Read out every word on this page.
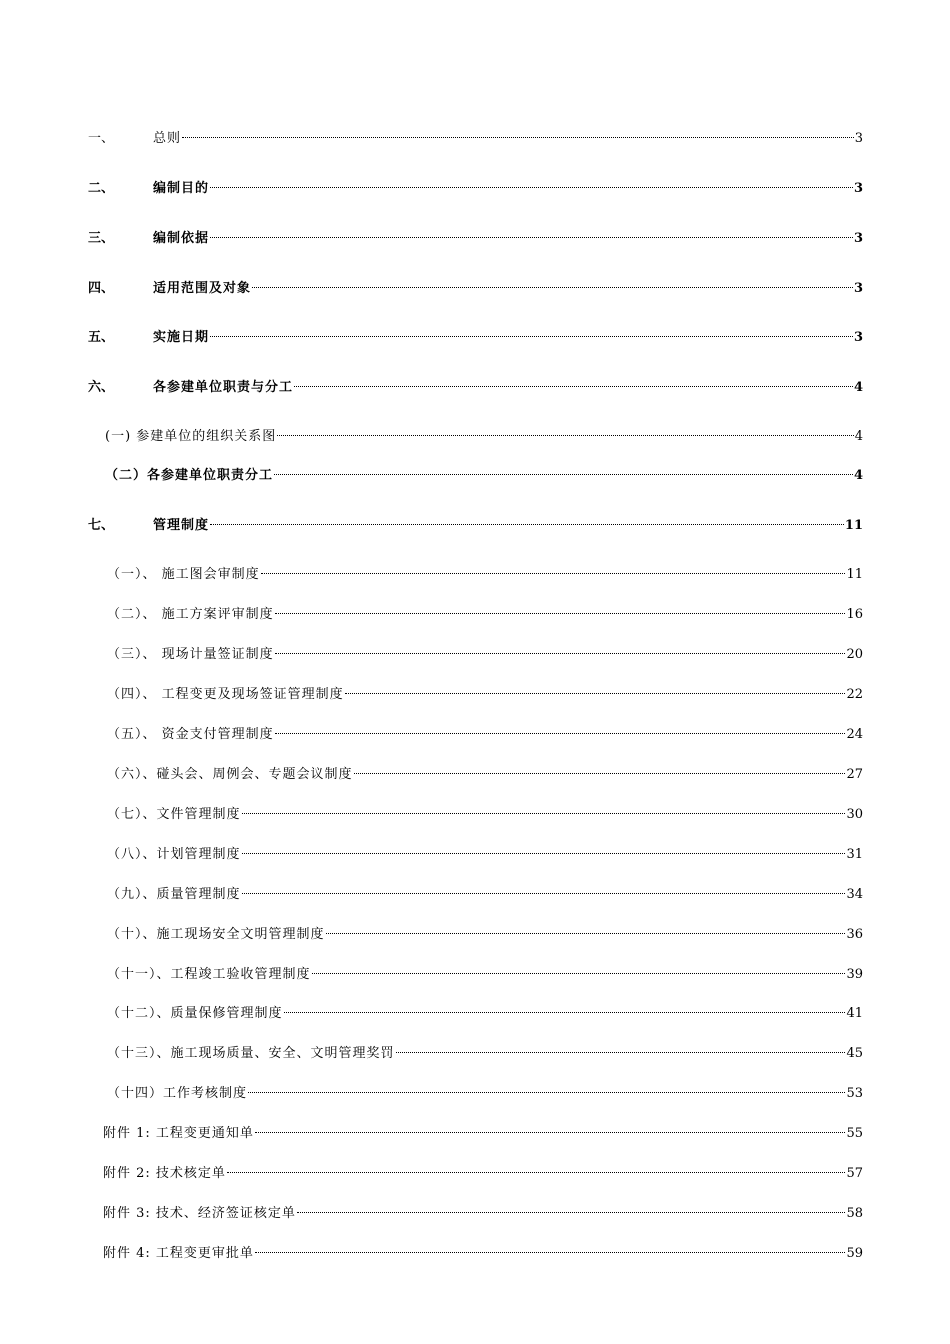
一、	总则	3
二、	编制目的	3
三、	编制依据	3
四、	适用范围及对象	3
五、	实施日期	3
六、	各参建单位职责与分工	4
(一) 参建单位的组织关系图	4
（二）各参建单位职责分工	4
七、	管理制度	11
（一）、 施工图会审制度	11
（二）、 施工方案评审制度	16
（三）、 现场计量签证制度	20
（四）、 工程变更及现场签证管理制度	22
（五）、 资金支付管理制度	24
（六）、碰头会、周例会、专题会议制度	27
（七）、文件管理制度	30
（八）、计划管理制度	31
（九）、质量管理制度	34
（十）、施工现场安全文明管理制度	36
（十一）、工程竣工验收管理制度	39
（十二）、质量保修管理制度	41
（十三）、施工现场质量、安全、文明管理奖罚	45
（十四）工作考核制度	53
附件 1: 工程变更通知单	55
附件 2: 技术核定单	57
附件 3: 技术、经济签证核定单	58
附件 4: 工程变更审批单	59
